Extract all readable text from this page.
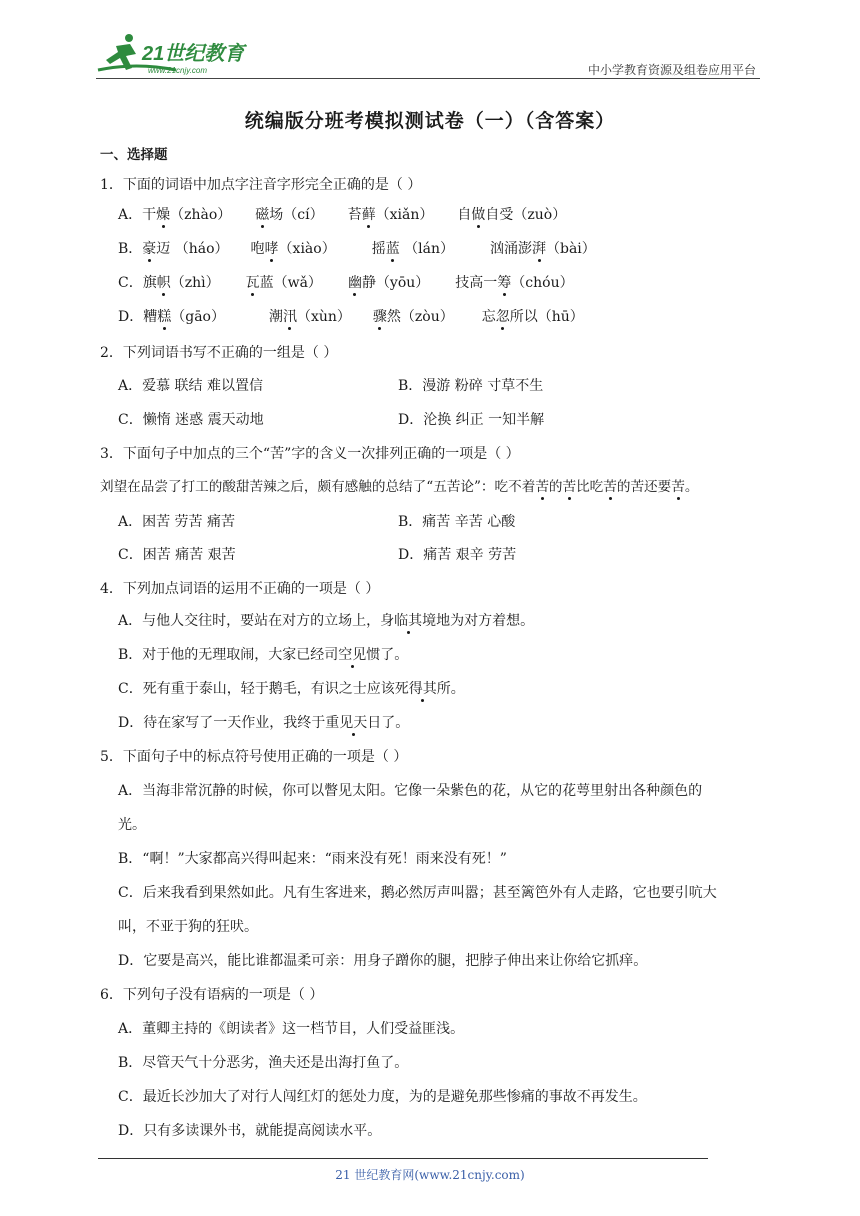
21世纪教育
www.21cnjy.com	中小学教育资源及组卷应用平台
统编版分班考模拟测试卷（一）（含答案）
一、选择题
1．下面的词语中加点字注音字形完全正确的是（ ）
A．干燥（zhào） 磁场（cí） 苔藓（xiǎn） 自做自受（zuò）
B．豪迈 （háo） 咆哮（xiào）	摇蓝 （lán）	汹涌澎湃（bài）
C．旗帜（zhì） 瓦蓝（wǎ） 幽静（yōu） 技高一筹（chóu）
D．糟糕（gāo）	潮汛（xùn） 骤然（zòu） 忘忽所以（hū）
2．下列词语书写不正确的一组是（ ）
A．爱慕 联结 难以置信	B．漫游 粉碎 寸草不生
C．懒惰 迷惑 震天动地	D．沦换 纠正 一知半解
3．下面句子中加点的三个“苦”字的含义一次排列正确的一项是（ ）
刘望在品尝了打工的酸甜苦辣之后，颇有感触的总结了“五苦论”：吃不着苦的苦比吃苦的苦还要苦。
A．困苦 劳苦 痛苦	B．痛苦 辛苦 心酸
C．困苦 痛苦 艰苦	D．痛苦 艰辛 劳苦
4．下列加点词语的运用不正确的一项是（ ）
A．与他人交往时，要站在对方的立场上，身临其境地为对方着想。
B．对于他的无理取闹，大家已经司空见惯了。
C．死有重于泰山，轻于鹅毛，有识之士应该死得其所。
D．待在家写了一天作业，我终于重见天日了。
5．下面句子中的标点符号使用正确的一项是（ ）
A．当海非常沉静的时候，你可以瞥见太阳。它像一朵紫色的花，从它的花萼里射出各种颜色的
光。
B．“啊！”大家都高兴得叫起来：“雨来没有死！雨来没有死！”
C．后来我看到果然如此。凡有生客进来，鹅必然厉声叫嚣；甚至篱笆外有人走路，它也要引吭大
叫，不亚于狗的狂吠。
D．它要是高兴，能比谁都温柔可亲：用身子蹭你的腿，把脖子伸出来让你给它抓痒。
6．下列句子没有语病的一项是（ ）
A．董卿主持的《朗读者》这一档节目，人们受益匪浅。
B．尽管天气十分恶劣，渔夫还是出海打鱼了。
C．最近长沙加大了对行人闯红灯的惩处力度，为的是避免那些惨痛的事故不再发生。
D．只有多读课外书，就能提高阅读水平。
21 世纪教育网(www.21cnjy.com)
